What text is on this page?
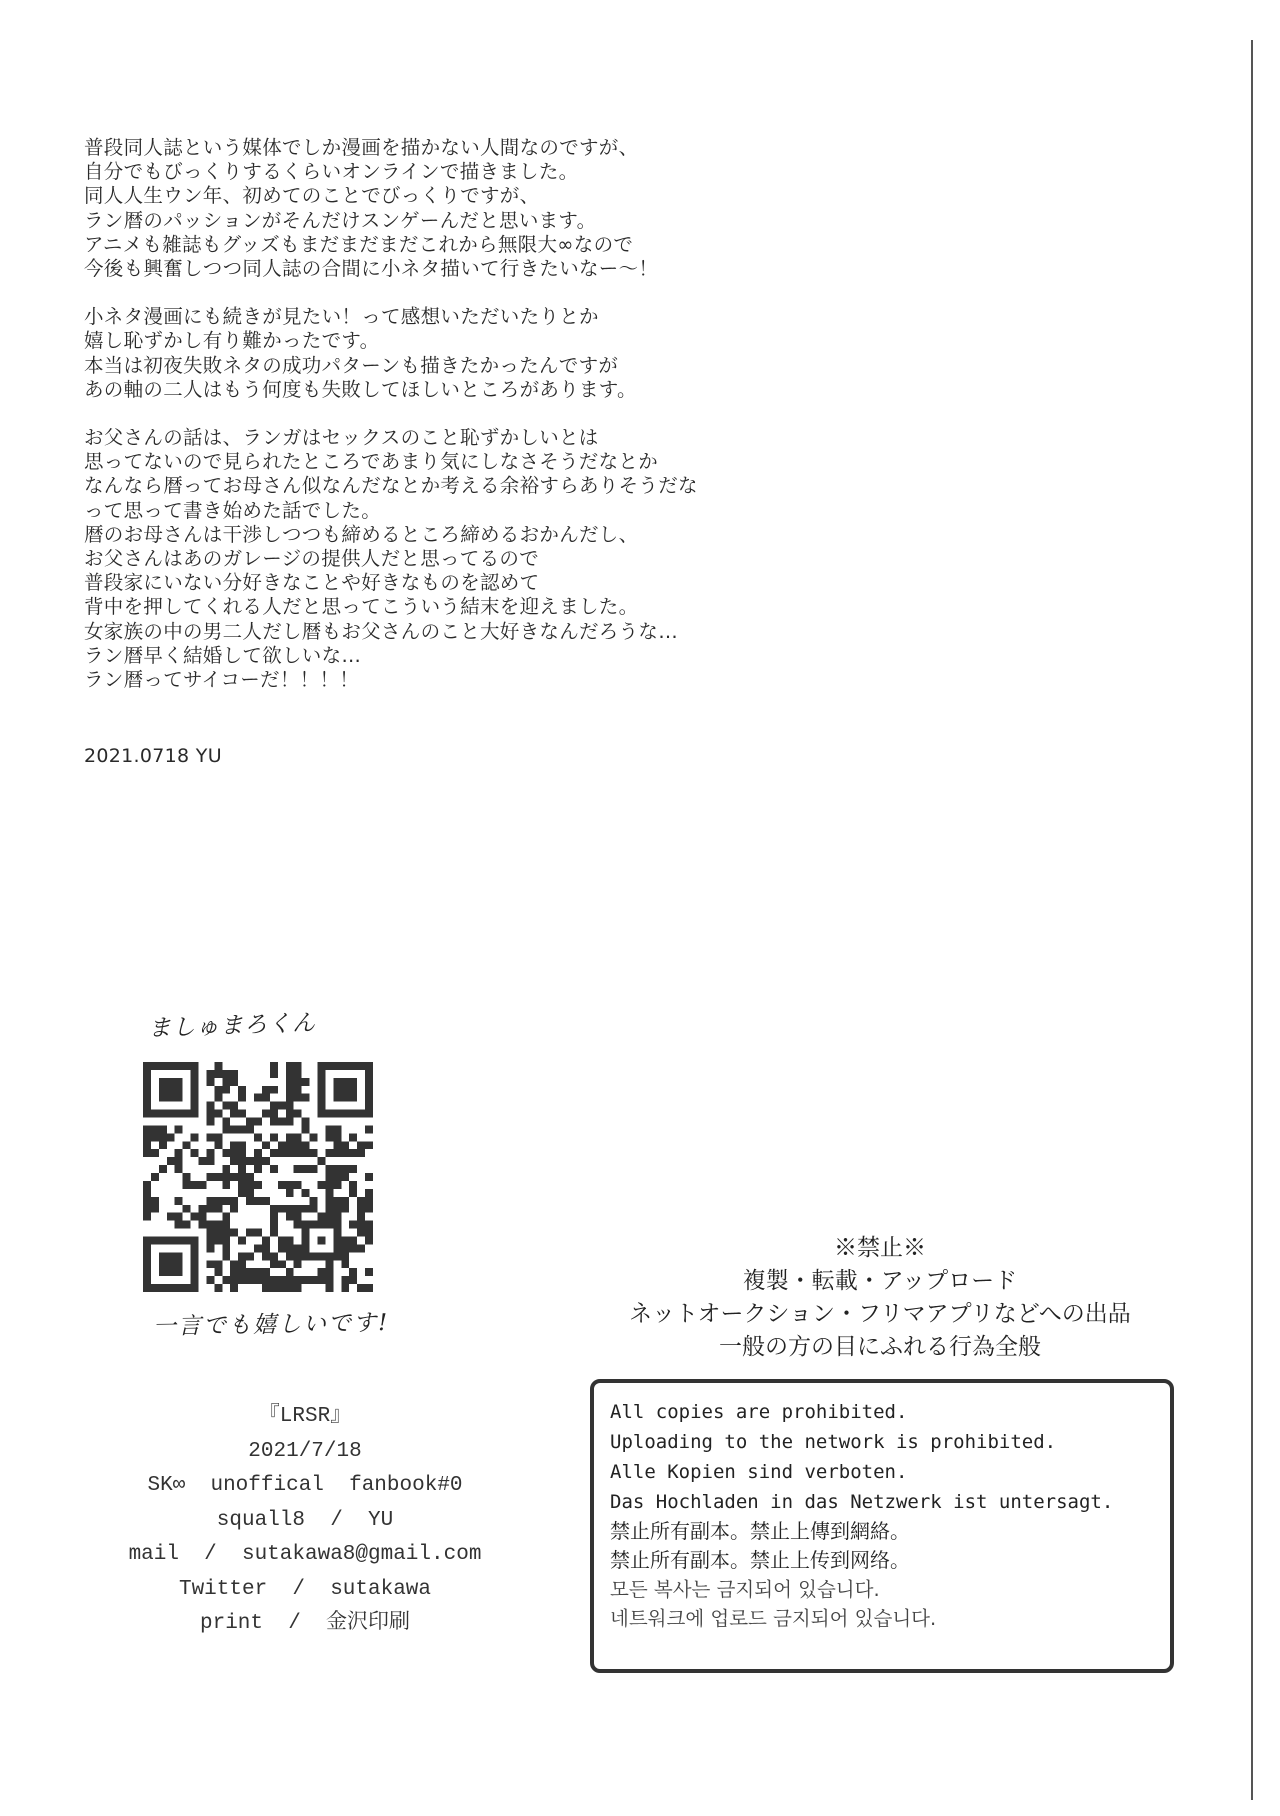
普段同人誌という媒体でしか漫画を描かない人間なのですが、
自分でもびっくりするくらいオンラインで描きました。
同人人生ウン年、初めてのことでびっくりですが、
ラン暦のパッションがそんだけスンゲーんだと思います。
アニメも雑誌もグッズもまだまだまだこれから無限大∞なので
今後も興奮しつつ同人誌の合間に小ネタ描いて行きたいなー～！

小ネタ漫画にも続きが見たい！って感想いただいたりとか
嬉し恥ずかし有り難かったです。
本当は初夜失敗ネタの成功パターンも描きたかったんですが
あの軸の二人はもう何度も失敗してほしいところがあります。

お父さんの話は、ランガはセックスのこと恥ずかしいとは
思ってないので見られたところであまり気にしなさそうだなとか
なんなら暦ってお母さん似なんだなとか考える余裕すらありそうだな
って思って書き始めた話でした。
暦のお母さんは干渉しつつも締めるところ締めるおかんだし、
お父さんはあのガレージの提供人だと思ってるので
普段家にいない分好きなことや好きなものを認めて
背中を押してくれる人だと思ってこういう結末を迎えました。
女家族の中の男二人だし暦もお父さんのこと大好きなんだろうな…
ラン暦早く結婚して欲しいな…
ラン暦ってサイコーだ！！！！

2021.0718 YU
ましゅまろくん
一言でも嬉しいです!
『LRSR』
2021/7/18
SK∞  unoffical  fanbook#0
squall8  /  YU
mail  /  sutakawa8@gmail.com
Twitter  /  sutakawa
print  /  金沢印刷
※禁止※
複製・転載・アップロード
ネットオークション・フリマアプリなどへの出品
一般の方の目にふれる行為全般
All copies are prohibited.
Uploading to the network is prohibited.
Alle Kopien sind verboten.
Das Hochladen in das Netzwerk ist untersagt.
禁止所有副本。禁止上傳到網絡。
禁止所有副本。禁止上传到网络。
모든 복사는 금지되어 있습니다.
네트워크에 업로드 금지되어 있습니다.
